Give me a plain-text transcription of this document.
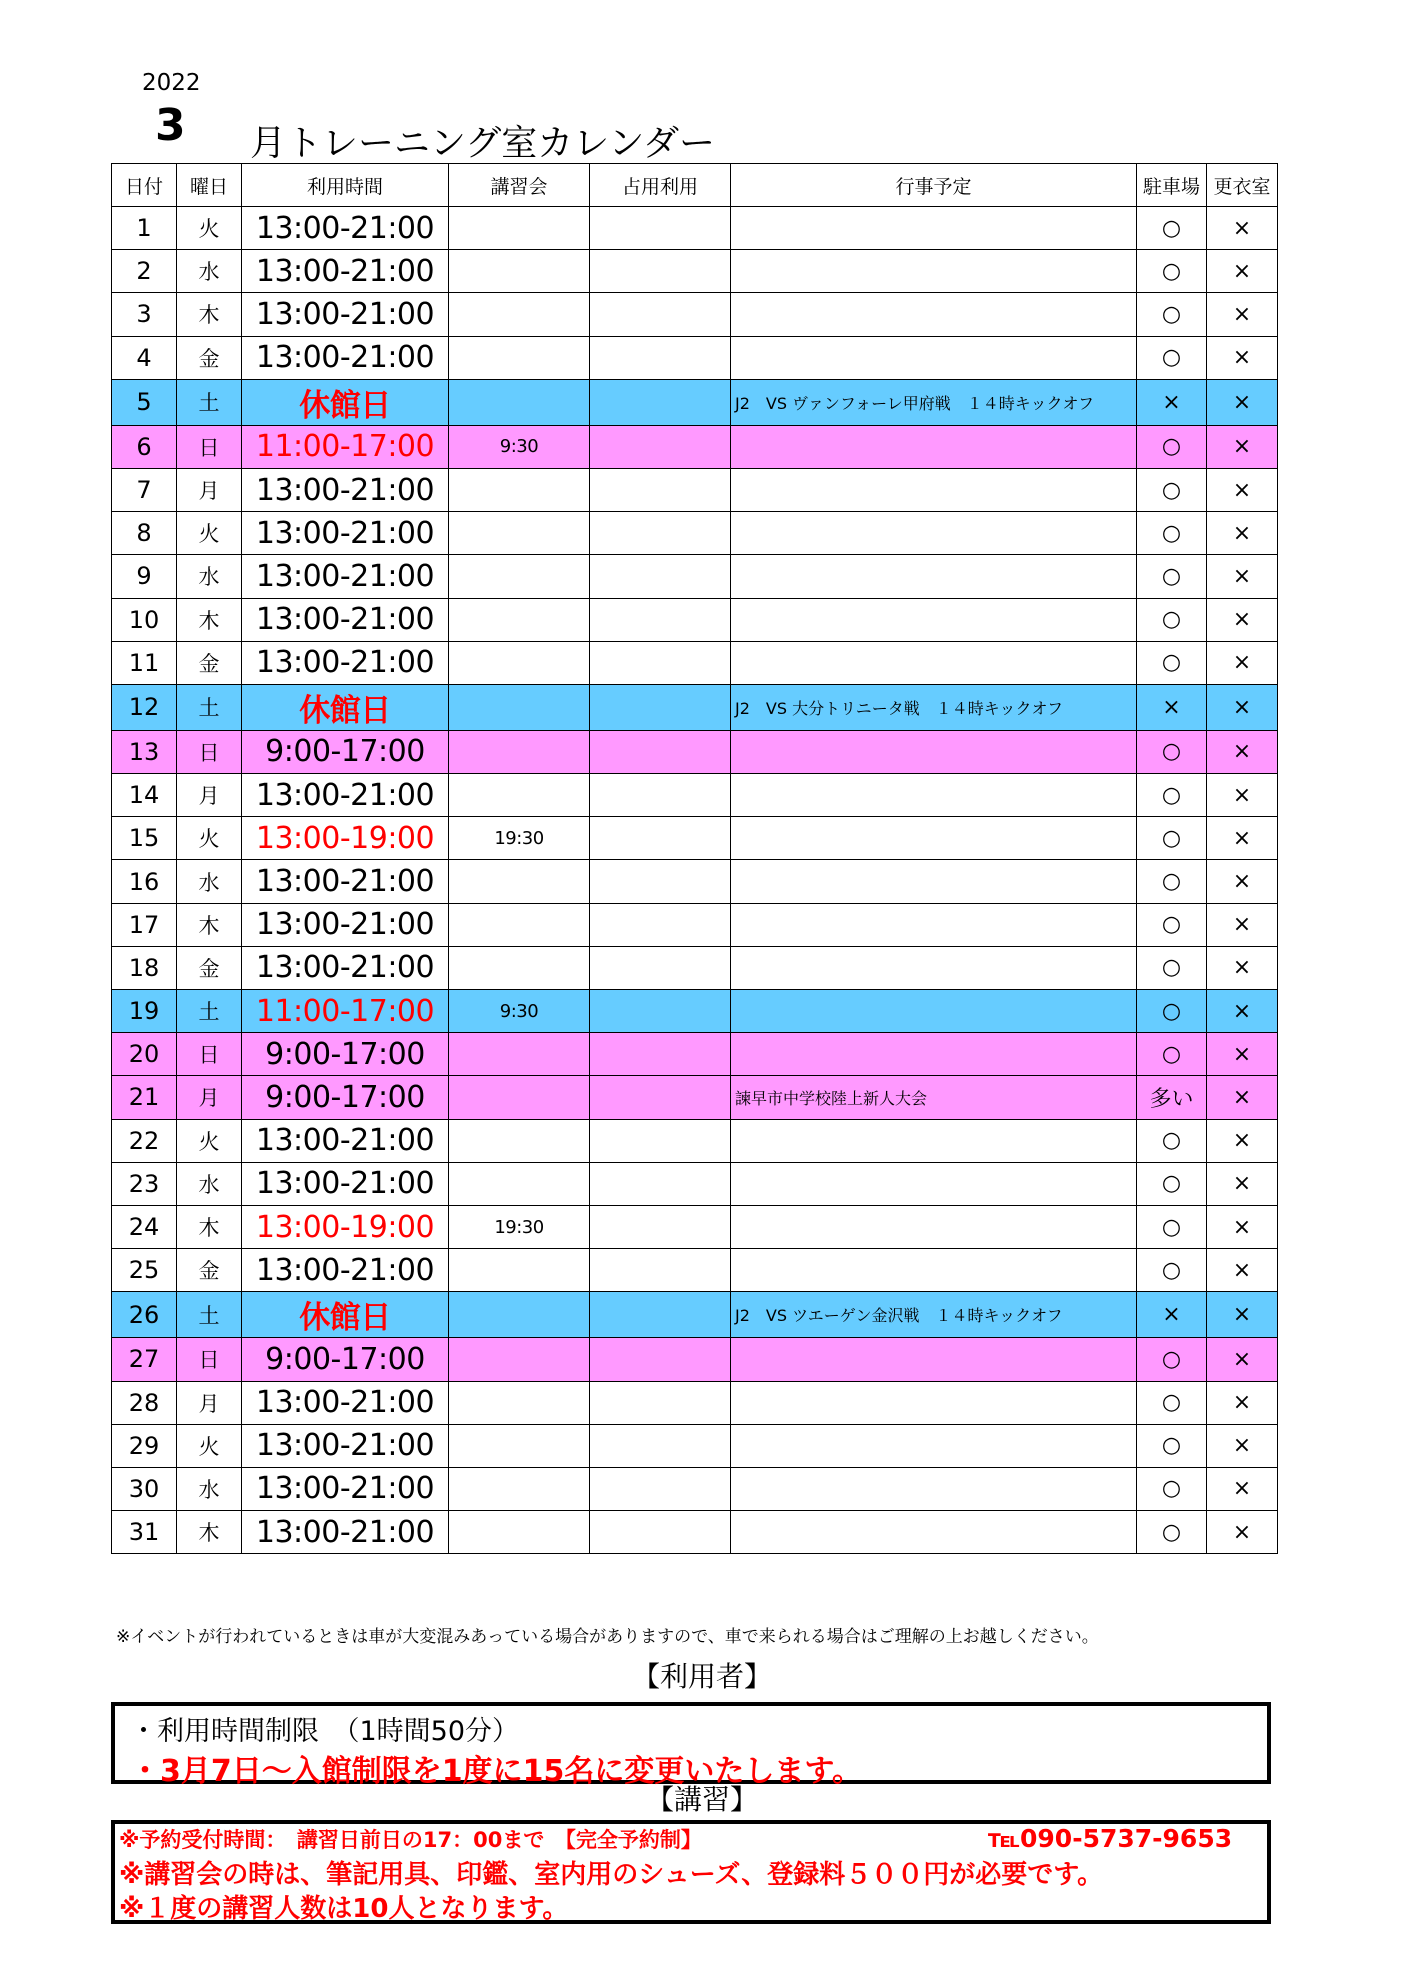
2022
3 月トレーニング室カレンダー
日付	曜日	利用時間	講習会	占用利用	行事予定	駐車場	更衣室
1	火	13:00-21:00				○	×
2	水	13:00-21:00				○	×
3	木	13:00-21:00				○	×
4	金	13:00-21:00				○	×
5	土	休館日			J2　VS ヴァンフォーレ甲府戦　１４時キックオフ	×	×
6	日	11:00-17:00	9:30			○	×
7	月	13:00-21:00				○	×
8	火	13:00-21:00				○	×
9	水	13:00-21:00				○	×
10	木	13:00-21:00				○	×
11	金	13:00-21:00				○	×
12	土	休館日			J2　VS 大分トリニータ戦　１４時キックオフ	×	×
13	日	9:00-17:00				○	×
14	月	13:00-21:00				○	×
15	火	13:00-19:00	19:30			○	×
16	水	13:00-21:00				○	×
17	木	13:00-21:00				○	×
18	金	13:00-21:00				○	×
19	土	11:00-17:00	9:30			○	×
20	日	9:00-17:00				○	×
21	月	9:00-17:00			諫早市中学校陸上新人大会	多い	×
22	火	13:00-21:00				○	×
23	水	13:00-21:00				○	×
24	木	13:00-19:00	19:30			○	×
25	金	13:00-21:00				○	×
26	土	休館日			J2　VS ツエーゲン金沢戦　１４時キックオフ	×	×
27	日	9:00-17:00				○	×
28	月	13:00-21:00				○	×
29	火	13:00-21:00				○	×
30	水	13:00-21:00				○	×
31	木	13:00-21:00				○	×
※イベントが行われているときは車が大変混みあっている場合がありますので、車で来られる場合はご理解の上お越しください。
【利用者】
・利用時間制限　（1時間50分）
・3月7日～入館制限を1度に15名に変更いたします。
【講習】
※予約受付時間：　講習日前日の17：00まで　【完全予約制】	℡090-5737-9653
※講習会の時は、筆記用具、印鑑、室内用のシューズ、登録料５００円が必要です。
※１度の講習人数は10人となります。
